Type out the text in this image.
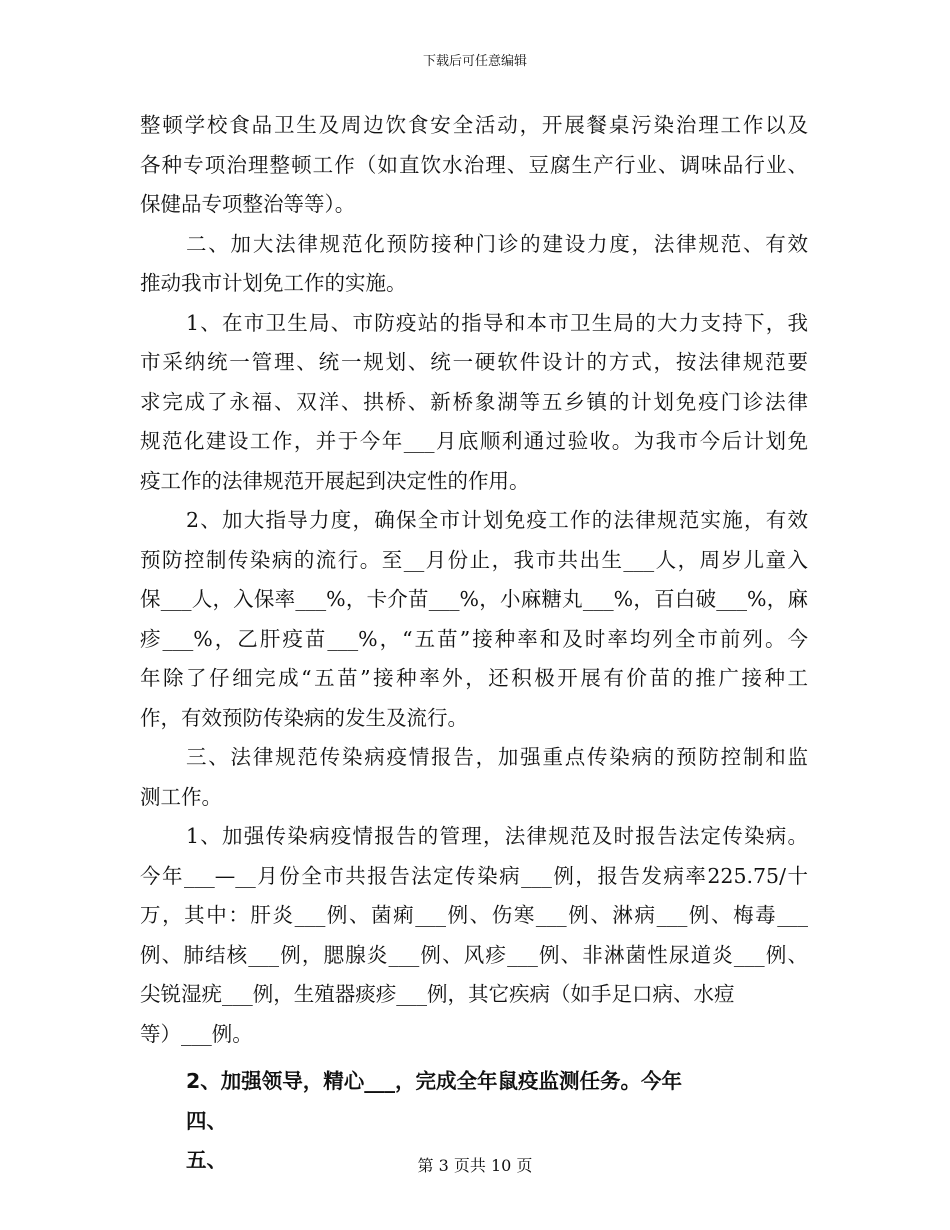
下载后可任意编辑
整顿学校食品卫生及周边饮食安全活动，开展餐桌污染治理工作以及
各种专项治理整顿工作（如直饮水治理、豆腐生产行业、调味品行业、
保健品专项整治等等）。
二、加大法律规范化预防接种门诊的建设力度，法律规范、有效
推动我市计划免工作的实施。
1、在市卫生局、市防疫站的指导和本市卫生局的大力支持下，我
市采纳统一管理、统一规划、统一硬软件设计的方式，按法律规范要
求完成了永福、双洋、拱桥、新桥象湖等五乡镇的计划免疫门诊法律
规范化建设工作，并于今年___月底顺利通过验收。为我市今后计划免
疫工作的法律规范开展起到决定性的作用。
2、加大指导力度，确保全市计划免疫工作的法律规范实施，有效
预防控制传染病的流行。至__月份止，我市共出生___人，周岁儿童入
保___人，入保率___%，卡介苗___%，小麻糖丸___%，百白破___%，麻
疹___%，乙肝疫苗___%，“五苗”接种率和及时率均列全市前列。今
年除了仔细完成“五苗”接种率外，还积极开展有价苗的推广接种工
作，有效预防传染病的发生及流行。
三、法律规范传染病疫情报告，加强重点传染病的预防控制和监
测工作。
1、加强传染病疫情报告的管理，法律规范及时报告法定传染病。
今年___—__月份全市共报告法定传染病___例，报告发病率225.75/十
万，其中：肝炎___例、菌痢___例、伤寒___例、淋病___例、梅毒___
例、肺结核___例，腮腺炎___例、风疹___例、非淋菌性尿道炎___例、
尖锐湿疣___例，生殖器痰疹___例，其它疾病（如手足口病、水痘
等）___例。
2、加强领导，精心___，完成全年鼠疫监测任务。今年
四、
五、	第 3 页共 10 页
